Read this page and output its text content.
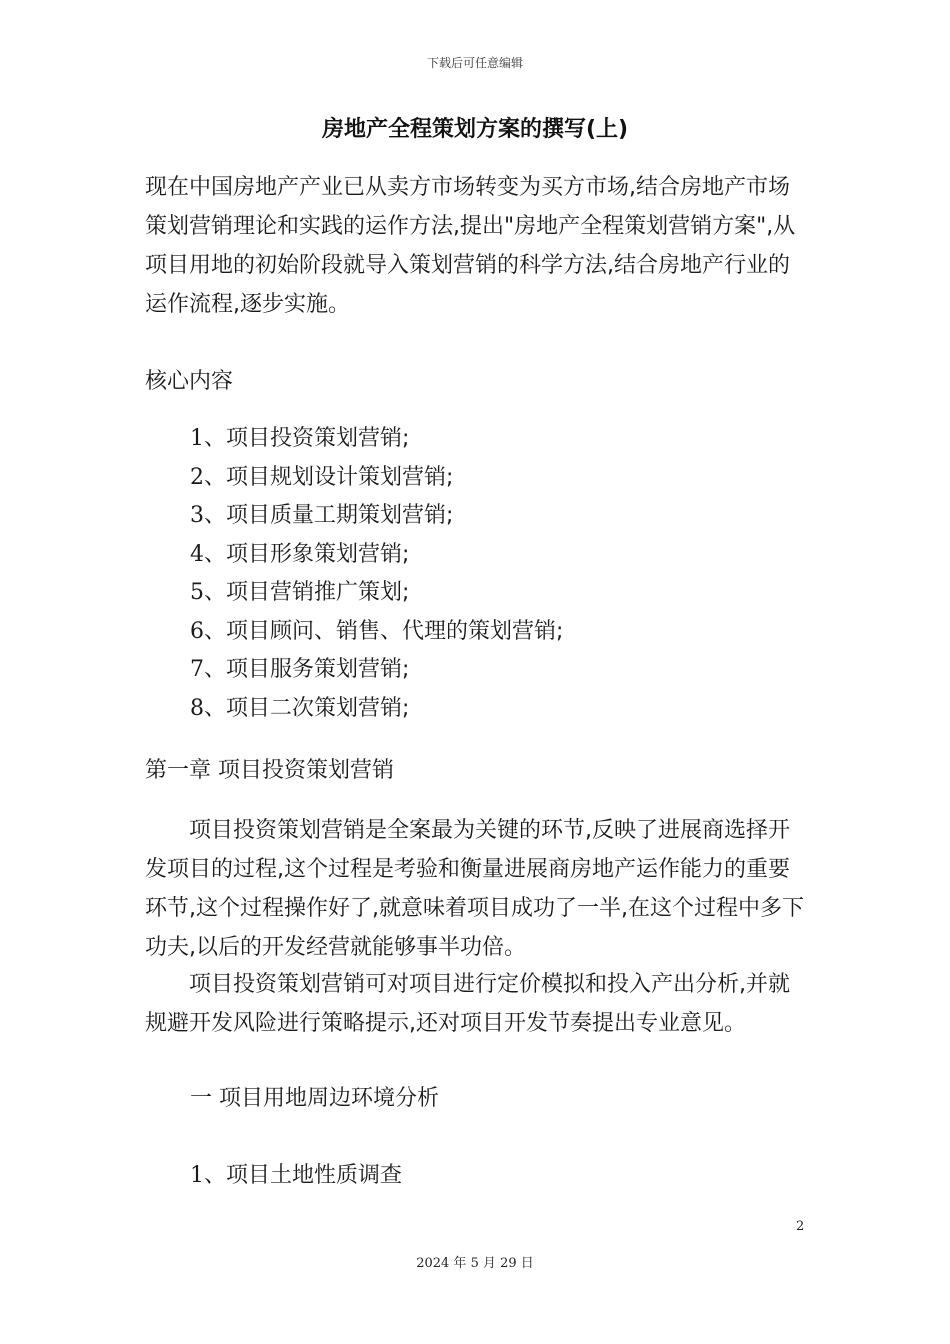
下载后可任意编辑
房地产全程策划方案的撰写(上)
现在中国房地产产业已从卖方市场转变为买方市场,结合房地产市场策划营销理论和实践的运作方法,提出"房地产全程策划营销方案",从项目用地的初始阶段就导入策划营销的科学方法,结合房地产行业的运作流程,逐步实施。
核心内容
1、项目投资策划营销;
2、项目规划设计策划营销;
3、项目质量工期策划营销;
4、项目形象策划营销;
5、项目营销推广策划;
6、项目顾问、销售、代理的策划营销;
7、项目服务策划营销;
8、项目二次策划营销;
第一章 项目投资策划营销
项目投资策划营销是全案最为关键的环节,反映了进展商选择开发项目的过程,这个过程是考验和衡量进展商房地产运作能力的重要环节,这个过程操作好了,就意味着项目成功了一半,在这个过程中多下功夫,以后的开发经营就能够事半功倍。
项目投资策划营销可对项目进行定价模拟和投入产出分析,并就规避开发风险进行策略提示,还对项目开发节奏提出专业意见。
一 项目用地周边环境分析
1、项目土地性质调查
2
2024 年 5 月 29 日
